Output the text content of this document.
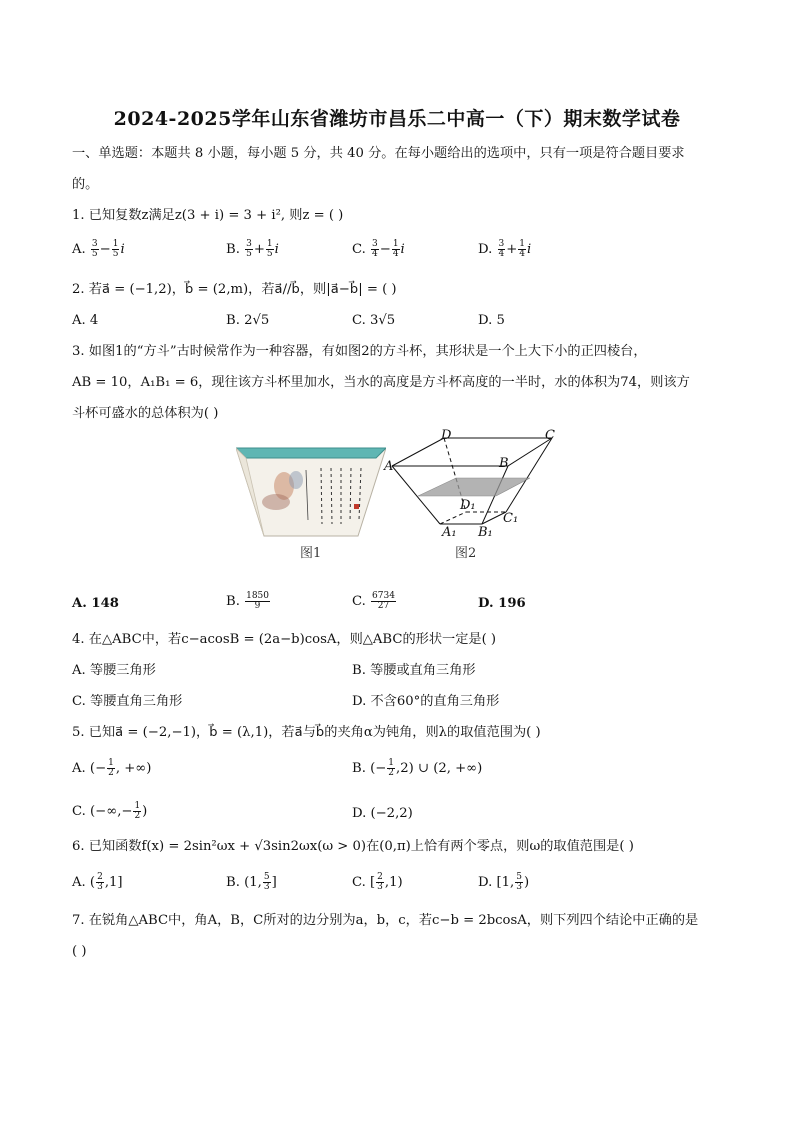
2024-2025学年山东省潍坊市昌乐二中高一（下）期末数学试卷
一、单选题：本题共 8 小题，每小题 5 分，共 40 分。在每小题给出的选项中，只有一项是符合题目要求
的。
1. 已知复数z满足z(3 + i) = 3 + i², 则z = ( )
A. $\frac{3}{5} - \frac{1}{5}$ i	B. $\frac{3}{5} + \frac{1}{5}$ i	C. $\frac{3}{4} - \frac{1}{4}$ i	D. $\frac{3}{4} + \frac{1}{4}$ i
2. 若a⃗ = (−1,2)，b⃗ = (2,m)，若a⃗//b⃗，则|a⃗−b⃗| = ( )
A. 4	B. 2√5	C. 3√5	D. 5
3. 如图1的“方斗”古时候常作为一种容器，有如图2的方斗杯，其形状是一个上大下小的正四棱台，
AB = 10，A₁B₁ = 6，现往该方斗杯里加水，当水的高度是方斗杯高度的一半时，水的体积为74，则该方
斗杯可盛水的总体积为( )
图1
D	C
A	B
D₁
C₁
A₁ B₁
图2
A. 148	B. $\frac{1850}{9}$	C. $\frac{6734}{27}$	D. 196
4. 在△ABC中，若c−acosB = (2a−b)cosA，则△ABC的形状一定是( )
A. 等腰三角形	B. 等腰或直角三角形
C. 等腰直角三角形	D. 不含60°的直角三角形
5. 已知a⃗ = (−2,−1)，b⃗ = (λ,1)，若a⃗与b⃗的夹角α为钝角，则λ的取值范围为( )
A. (− $\frac{1}{2}$ , +∞)	B. (− $\frac{1}{2} ,2$) ∪ (2, +∞)
C. (−∞,− $\frac{1}{2}$ )	D. (−2,2)
6. 已知函数f(x) = 2sin²ωx + √3sin2ωx(ω > 0)在(0,π)上恰有两个零点，则ω的取值范围是( )
A. ( $\frac{2}{3} ,1$]	B. (1, $\frac{5}{3}$ ]	C. [ $\frac{2}{3} ,1$)	D. [1, $\frac{5}{3}$ )
7. 在锐角△ABC中，角A，B，C所对的边分别为a，b，c，若c−b = 2bcosA，则下列四个结论中正确的是
( )
